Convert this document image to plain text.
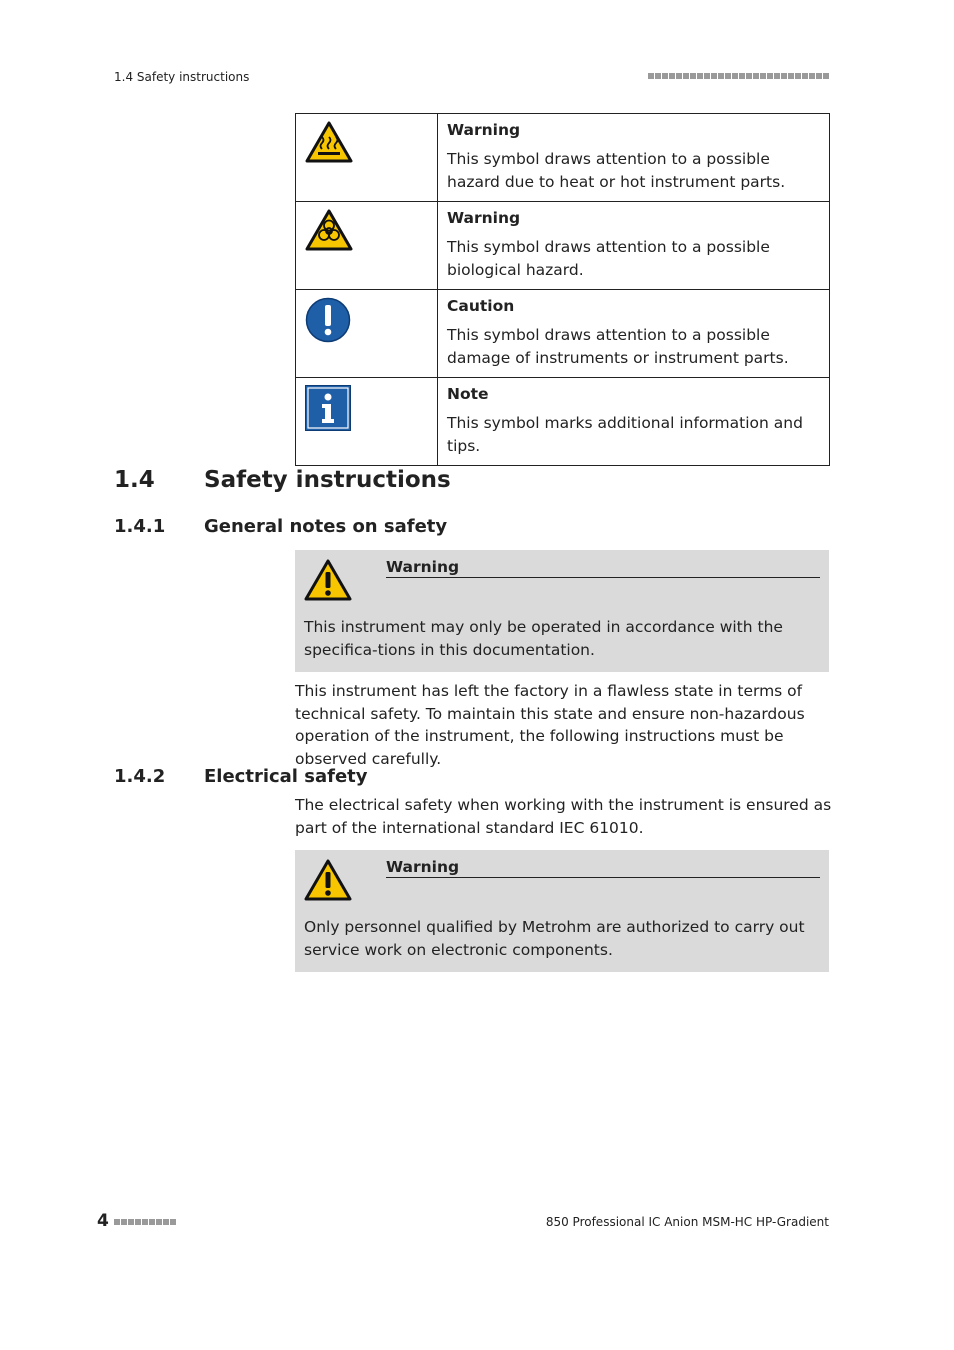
1.4 Safety instructions

Warning
This symbol draws attention to a possible hazard due to heat or hot instrument parts.

Warning
This symbol draws attention to a possible biological hazard.

Caution
This symbol draws attention to a possible damage of instruments or instrument parts.

Note
This symbol marks additional information and tips.
1.4 Safety instructions
1.4.1 General notes on safety
Warning
This instrument may only be operated in accordance with the specifica-tions in this documentation.
This instrument has left the factory in a flawless state in terms of technical safety. To maintain this state and ensure non-hazardous operation of the instrument, the following instructions must be observed carefully.
1.4.2 Electrical safety
The electrical safety when working with the instrument is ensured as part of the international standard IEC 61010.
Warning
Only personnel qualified by Metrohm are authorized to carry out service work on electronic components.
4	850 Professional IC Anion MSM-HC HP-Gradient
